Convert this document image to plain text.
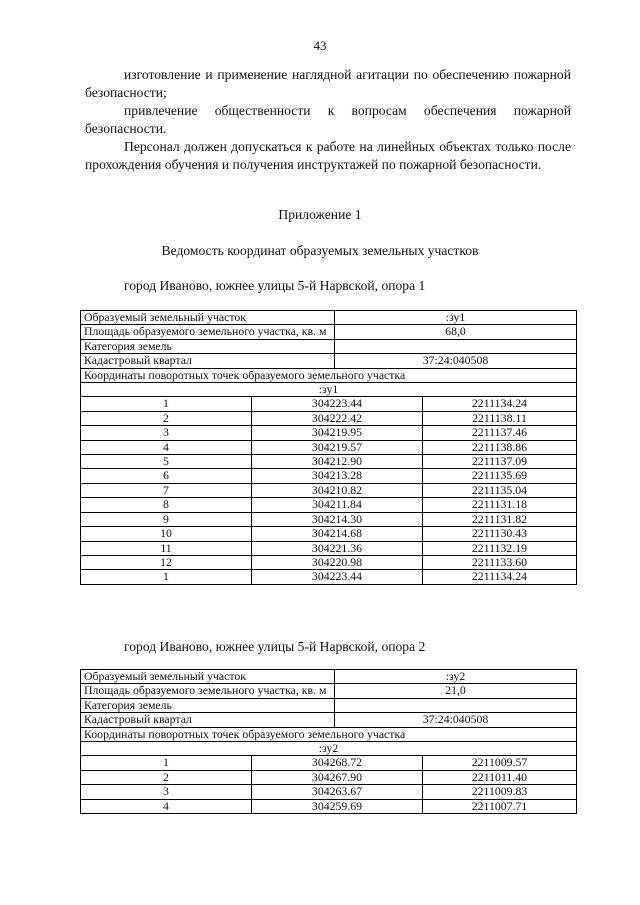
43

изготовление и применение наглядной агитации по обеспечению пожарной безопасности;

привлечение общественности к вопросам обеспечения пожарной безопасности.

Персонал должен допускаться к работе на линейных объектах только после прохождения обучения и получения инструктажей по пожарной безопасности.

Приложение 1
Ведомость координат образуемых земельных участков
город Иваново, южнее улицы 5-й Нарвской, опора 1
Образуемый земельный участок		:зу1	
Площадь образуемого земельного участка, кв. м		68,0	
Категория земель			
Кадастровый квартал		37:24:040508	
Координаты поворотных точек образуемого земельного участка			
:зу1			
1	304223.44		2211134.24
2	304222.42		2211138.11
3	304219.95		2211137.46
4	304219.57		2211138.86
5	304212.90		2211137.09
6	304213.28		2211135.69
7	304210.82		2211135.04
8	304211.84		2211131.18
9	304214.30		2211131.82
10	304214.68		2211130.43
11	304221.36		2211132.19
12	304220.98		2211133.60
1	304223.44		2211134.24
город Иваново, южнее улицы 5-й Нарвской, опора 2
Образуемый земельный участок		:зу2	
Площадь образуемого земельного участка, кв. м		21,0	
Категория земель			
Кадастровый квартал		37:24:040508	
Координаты поворотных точек образуемого земельного участка			
:зу2			
1	304268.72		2211009.57
2	304267.90		2211011.40
3	304263.67		2211009.83
4	304259.69		2211007.71
